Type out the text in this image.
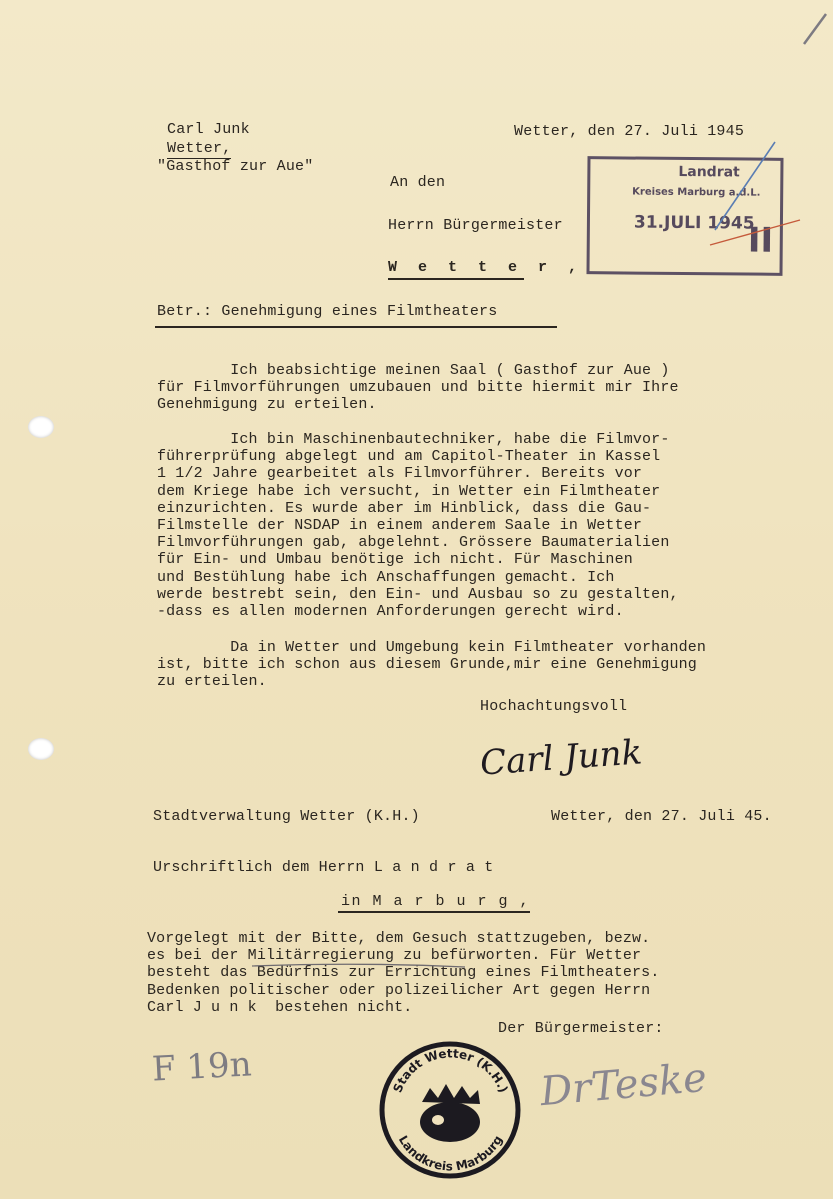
Carl Junk
Wetter,
"Gasthof zur Aue"
Wetter, den 27. Juli 1945
An den
Herrn Bürgermeister
W e t t e r ,
Landrat
Kreises Marburg a.d.L.
31.JULI 1945
II
Betr.: Genehmigung eines Filmtheaters
Ich beabsichtige meinen Saal ( Gasthof zur Aue )
für Filmvorführungen umzubauen und bitte hiermit mir Ihre
Genehmigung zu erteilen.
Ich bin Maschinenbautechniker, habe die Filmvor-
führerprüfung abgelegt und am Capitol-Theater in Kassel
1 1/2 Jahre gearbeitet als Filmvorführer. Bereits vor
dem Kriege habe ich versucht, in Wetter ein Filmtheater
einzurichten. Es wurde aber im Hinblick, dass die Gau-
Filmstelle der NSDAP in einem anderem Saale in Wetter
Filmvorführungen gab, abgelehnt. Grössere Baumaterialien
für Ein- und Umbau benötige ich nicht. Für Maschinen
und Bestühlung habe ich Anschaffungen gemacht. Ich
werde bestrebt sein, den Ein- und Ausbau so zu gestalten,
-dass es allen modernen Anforderungen gerecht wird.
Da in Wetter und Umgebung kein Filmtheater vorhanden
ist, bitte ich schon aus diesem Grunde,mir eine Genehmigung
zu erteilen.
Hochachtungsvoll
Carl Junk
Stadtverwaltung Wetter (K.H.)	Wetter, den 27. Juli 45.
Urschriftlich dem Herrn L a n d r a t
in M a r b u r g ,
Vorgelegt mit der Bitte, dem Gesuch stattzugeben, bezw.
es bei der Militärregierung zu befürworten. Für Wetter
besteht das Bedürfnis zur Errichtung eines Filmtheaters.
Bedenken politischer oder polizeilicher Art gegen Herrn
Carl J u n k  bestehen nicht.
Der Bürgermeister:
F 19n	Stadt Wetter (K.H.)
Landkreis Marburg
DrTeske
